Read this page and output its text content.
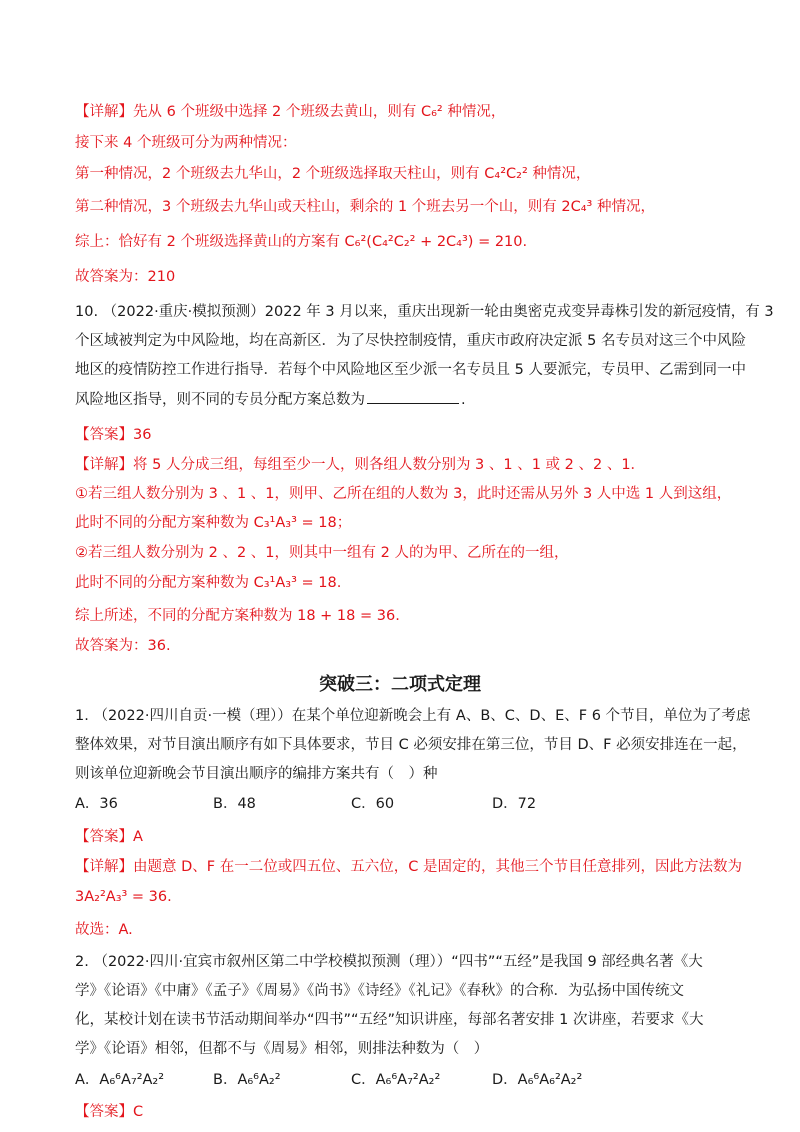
【详解】先从 6 个班级中选择 2 个班级去黄山，则有 C₆² 种情况，
接下来 4 个班级可分为两种情况：
第一种情况，2 个班级去九华山，2 个班级选择取天柱山，则有 C₄²C₂² 种情况，
第二种情况，3 个班级去九华山或天柱山，剩余的 1 个班去另一个山，则有 2C₄³ 种情况，
综上：恰好有 2 个班级选择黄山的方案有 C₆²(C₄²C₂² + 2C₄³) = 210.
故答案为：210
10. （2022·重庆·模拟预测）2022 年 3 月以来，重庆出现新一轮由奥密克戎变异毒株引发的新冠疫情，有 3
个区域被判定为中风险地，均在高新区．为了尽快控制疫情，重庆市政府决定派 5 名专员对这三个中风险
地区的疫情防控工作进行指导．若每个中风险地区至少派一名专员且 5 人要派完，专员甲、乙需到同一中
风险地区指导，则不同的专员分配方案总数为	.
【答案】36
【详解】将 5 人分成三组，每组至少一人，则各组人数分别为 3 、1 、1 或 2 、2 、1．
①若三组人数分别为 3 、1 、1，则甲、乙所在组的人数为 3，此时还需从另外 3 人中选 1 人到这组，
此时不同的分配方案种数为 C₃¹A₃³ = 18；
②若三组人数分别为 2 、2 、1，则其中一组有 2 人的为甲、乙所在的一组，
此时不同的分配方案种数为 C₃¹A₃³ = 18.
综上所述，不同的分配方案种数为 18 + 18 = 36.
故答案为：36.
突破三：二项式定理
1. （2022·四川自贡·一模（理））在某个单位迎新晚会上有 A、B、C、D、E、F 6 个节目，单位为了考虑
整体效果，对节目演出顺序有如下具体要求，节目 C 必须安排在第三位，节目 D、F 必须安排连在一起，
则该单位迎新晚会节目演出顺序的编排方案共有（　）种
A．36	B．48	C．60	D．72
【答案】A
【详解】由题意 D、F 在一二位或四五位、五六位，C 是固定的，其他三个节目任意排列，因此方法数为
3A₂²A₃³ = 36.
故选：A.
2. （2022·四川·宜宾市叙州区第二中学校模拟预测（理））“四书”“五经”是我国 9 部经典名著《大
学》《论语》《中庸》《孟子》《周易》《尚书》《诗经》《礼记》《春秋》的合称．为弘扬中国传统文
化，某校计划在读书节活动期间举办“四书”“五经”知识讲座，每部名著安排 1 次讲座，若要求《大
学》《论语》相邻，但都不与《周易》相邻，则排法种数为（　）
A．A₆⁶A₇²A₂²	B．A₆⁶A₂²	C．A₆⁶A₇²A₂²	D．A₆⁶A₆²A₂²
【答案】C
